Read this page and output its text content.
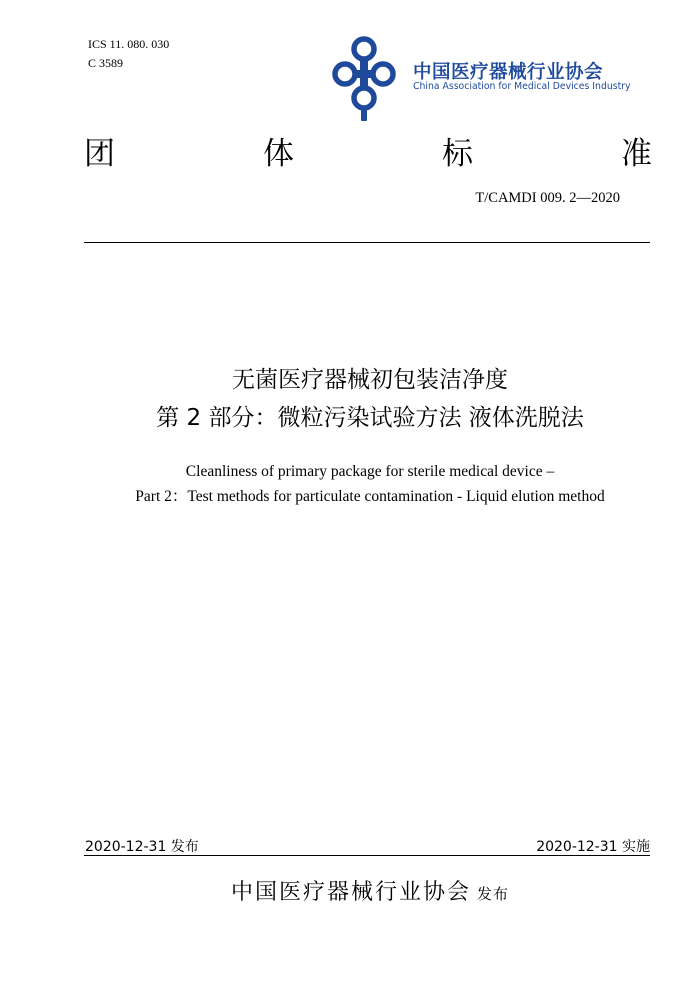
ICS 11. 080. 030
C 3589	中国医疗器械行业协会
China Association for Medical Devices Industry
团	体	标	准
T/CAMDI 009. 2—2020
无菌医疗器械初包装洁净度
第 2 部分：微粒污染试验方法 液体洗脱法
Cleanliness of primary package for sterile medical device –
Part 2：Test methods for particulate contamination - Liquid elution method
2020-12-31 发布	2020-12-31 实施
中国医疗器械行业协会 发布
